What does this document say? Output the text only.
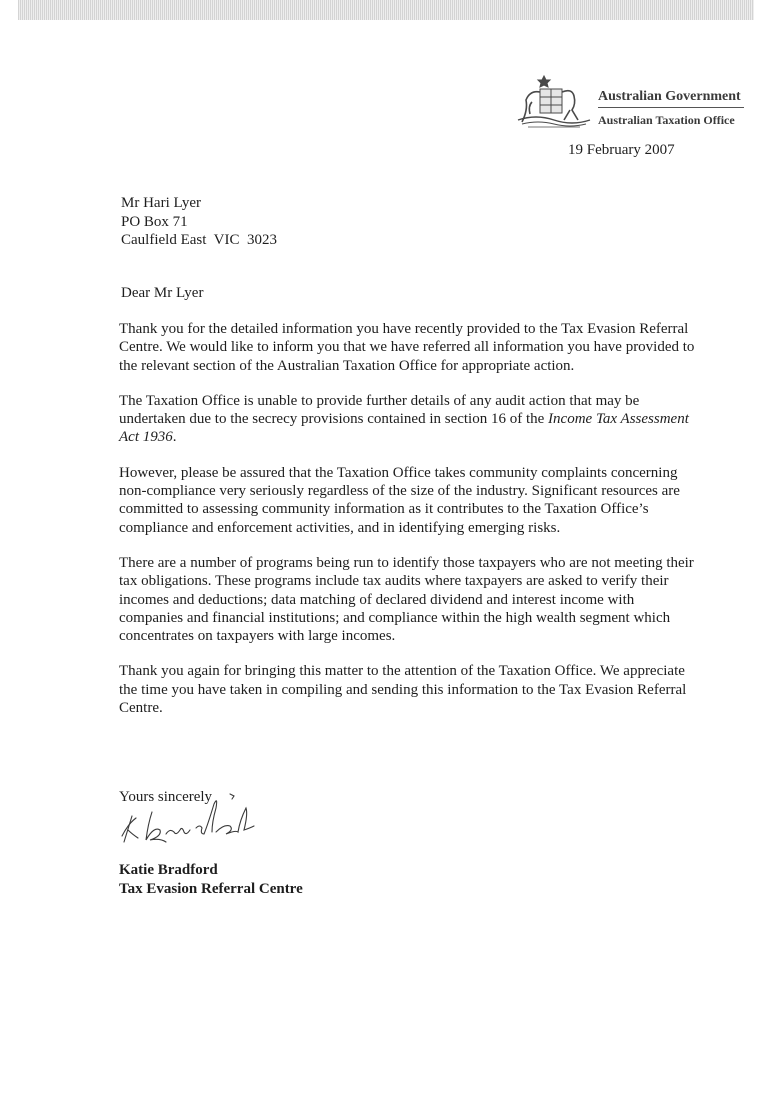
Australian Government
Australian Taxation Office
19 February 2007
Mr Hari Lyer
PO Box 71
Caulfield East  VIC  3023
Dear Mr Lyer

Thank you for the detailed information you have recently provided to the Tax Evasion Referral Centre. We would like to inform you that we have referred all information you have provided to the relevant section of the Australian Taxation Office for appropriate action.

The Taxation Office is unable to provide further details of any audit action that may be undertaken due to the secrecy provisions contained in section 16 of the Income Tax Assessment Act 1936.

However, please be assured that the Taxation Office takes community complaints concerning non-compliance very seriously regardless of the size of the industry. Significant resources are committed to assessing community information as it contributes to the Taxation Office’s compliance and enforcement activities, and in identifying emerging risks.

There are a number of programs being run to identify those taxpayers who are not meeting their tax obligations. These programs include tax audits where taxpayers are asked to verify their incomes and deductions; data matching of declared dividend and interest income with companies and financial institutions; and compliance within the high wealth segment which concentrates on taxpayers with large incomes.

Thank you again for bringing this matter to the attention of the Taxation Office. We appreciate the time you have taken in compiling and sending this information to the Tax Evasion Referral Centre.

Yours sincerely
Katie Bradford
Tax Evasion Referral Centre
